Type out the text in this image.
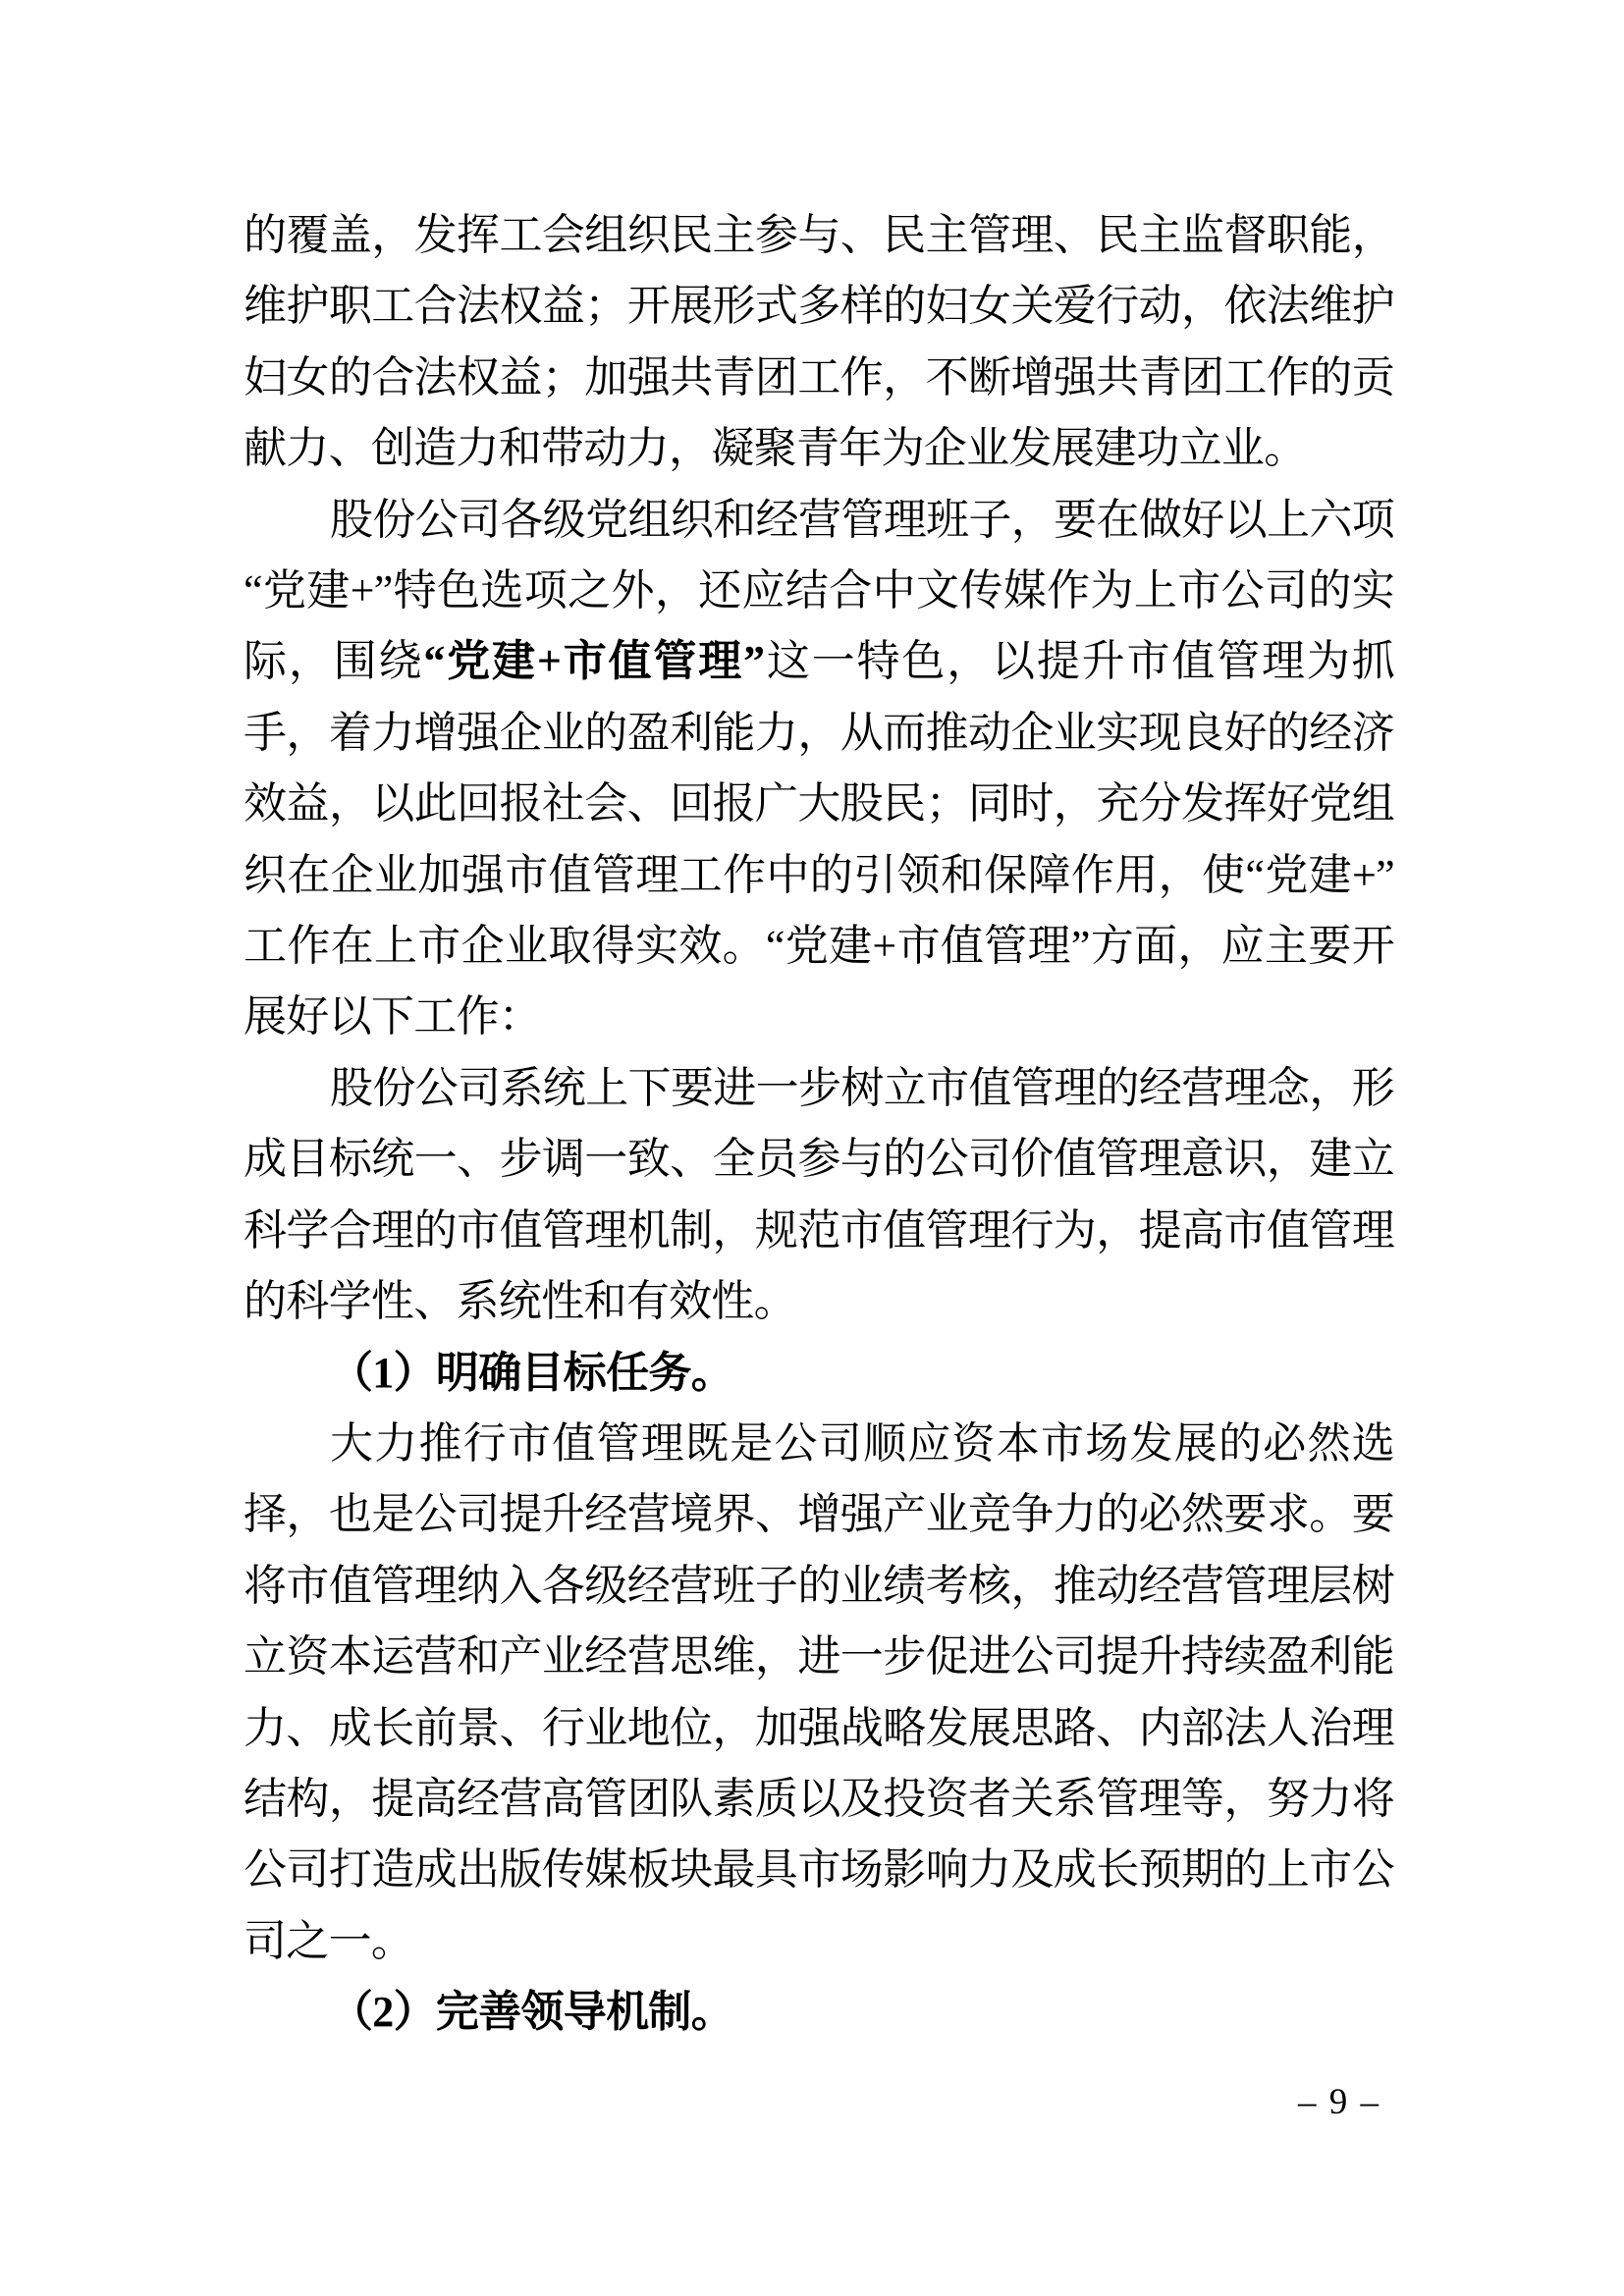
的覆盖，发挥工会组织民主参与、民主管理、民主监督职能，维护职工合法权益；开展形式多样的妇女关爱行动，依法维护妇女的合法权益；加强共青团工作，不断增强共青团工作的贡献力、创造力和带动力，凝聚青年为企业发展建功立业。

股份公司各级党组织和经营管理班子，要在做好以上六项“党建+”特色选项之外，还应结合中文传媒作为上市公司的实际，围绕“党建+市值管理”这一特色，以提升市值管理为抓手，着力增强企业的盈利能力，从而推动企业实现良好的经济效益，以此回报社会、回报广大股民；同时，充分发挥好党组织在企业加强市值管理工作中的引领和保障作用，使“党建+”工作在上市企业取得实效。“党建+市值管理”方面，应主要开展好以下工作：

股份公司系统上下要进一步树立市值管理的经营理念，形成目标统一、步调一致、全员参与的公司价值管理意识，建立科学合理的市值管理机制，规范市值管理行为，提高市值管理的科学性、系统性和有效性。

（1）明确目标任务。

大力推行市值管理既是公司顺应资本市场发展的必然选择，也是公司提升经营境界、增强产业竞争力的必然要求。要将市值管理纳入各级经营班子的业绩考核，推动经营管理层树立资本运营和产业经营思维，进一步促进公司提升持续盈利能力、成长前景、行业地位，加强战略发展思路、内部法人治理结构，提高经营高管团队素质以及投资者关系管理等，努力将公司打造成出版传媒板块最具市场影响力及成长预期的上市公司之一。

（2）完善领导机制。

– 9 –
